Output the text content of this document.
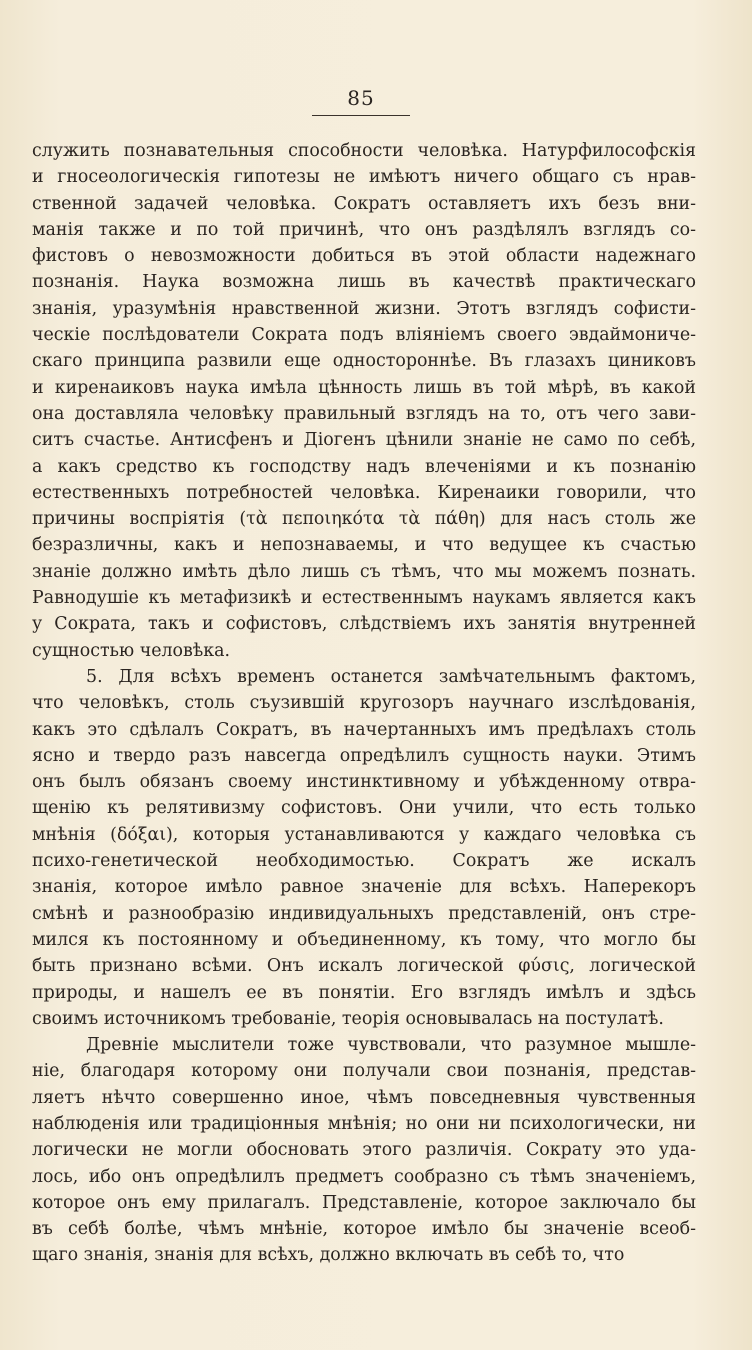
85
служить познавательныя способности человѣка. Натурфилософскія
и гносеологическія гипотезы не имѣютъ ничего общаго съ нрав-
ственной задачей человѣка. Сократъ оставляетъ ихъ безъ вни-
манія также и по той причинѣ, что онъ раздѣлялъ взглядъ со-
фистовъ о невозможности добиться въ этой области надежнаго
познанія. Наука возможна лишь въ качествѣ практическаго
знанія, уразумѣнія нравственной жизни. Этотъ взглядъ софисти-
ческіе послѣдователи Сократа подъ вліяніемъ своего эвдаймониче-
скаго принципа развили еще одностороннѣе. Въ глазахъ циниковъ
и киренаиковъ наука имѣла цѣнность лишь въ той мѣрѣ, въ какой
она доставляла человѣку правильный взглядъ на то, отъ чего зави-
ситъ счастье. Антисфенъ и Діогенъ цѣнили знаніе не само по себѣ,
а какъ средство къ господству надъ влеченіями и къ познанію
естественныхъ потребностей человѣка. Киренаики говорили, что
причины воспріятія (τὰ πεποιηκότα τὰ πάθη) для насъ столь же
безразличны, какъ и непознаваемы, и что ведущее къ счастью
знаніе должно имѣть дѣло лишь съ тѣмъ, что мы можемъ познать.
Равнодушіе къ метафизикѣ и естественнымъ наукамъ является какъ
у Сократа, такъ и софистовъ, слѣдствіемъ ихъ занятія внутренней
сущностью человѣка.
5. Для всѣхъ временъ останется замѣчательнымъ фактомъ,
что человѣкъ, столь съузившій кругозоръ научнаго изслѣдованія,
какъ это сдѣлалъ Сократъ, въ начертанныхъ имъ предѣлахъ столь
ясно и твердо разъ навсегда опредѣлилъ сущность науки. Этимъ
онъ былъ обязанъ своему инстинктивному и убѣжденному отвра-
щенію къ релятивизму софистовъ. Они учили, что есть только
мнѣнія (δόξαι), которыя устанавливаются у каждаго человѣка съ
психо-генетической необходимостью. Сократъ же искалъ
знанія, которое имѣло равное значеніе для всѣхъ. Наперекоръ
смѣнѣ и разнообразію индивидуальныхъ представленій, онъ стре-
мился къ постоянному и объединенному, къ тому, что могло бы
быть признано всѣми. Онъ искалъ логической φύσις, логической
природы, и нашелъ ее въ понятіи. Его взглядъ имѣлъ и здѣсь
своимъ источникомъ требованіе, теорія основывалась на постулатѣ.
Древніе мыслители тоже чувствовали, что разумное мышле-
ніе, благодаря которому они получали свои познанія, представ-
ляетъ нѣчто совершенно иное, чѣмъ повседневныя чувственныя
наблюденія или традиціонныя мнѣнія; но они ни психологически, ни
логически не могли обосновать этого различія. Сократу это уда-
лось, ибо онъ опредѣлилъ предметъ сообразно съ тѣмъ значеніемъ,
которое онъ ему прилагалъ. Представленіе, которое заключало бы
въ себѣ болѣе, чѣмъ мнѣніе, которое имѣло бы значеніе всеоб-
щаго знанія, знанія для всѣхъ, должно включать въ себѣ то, что
